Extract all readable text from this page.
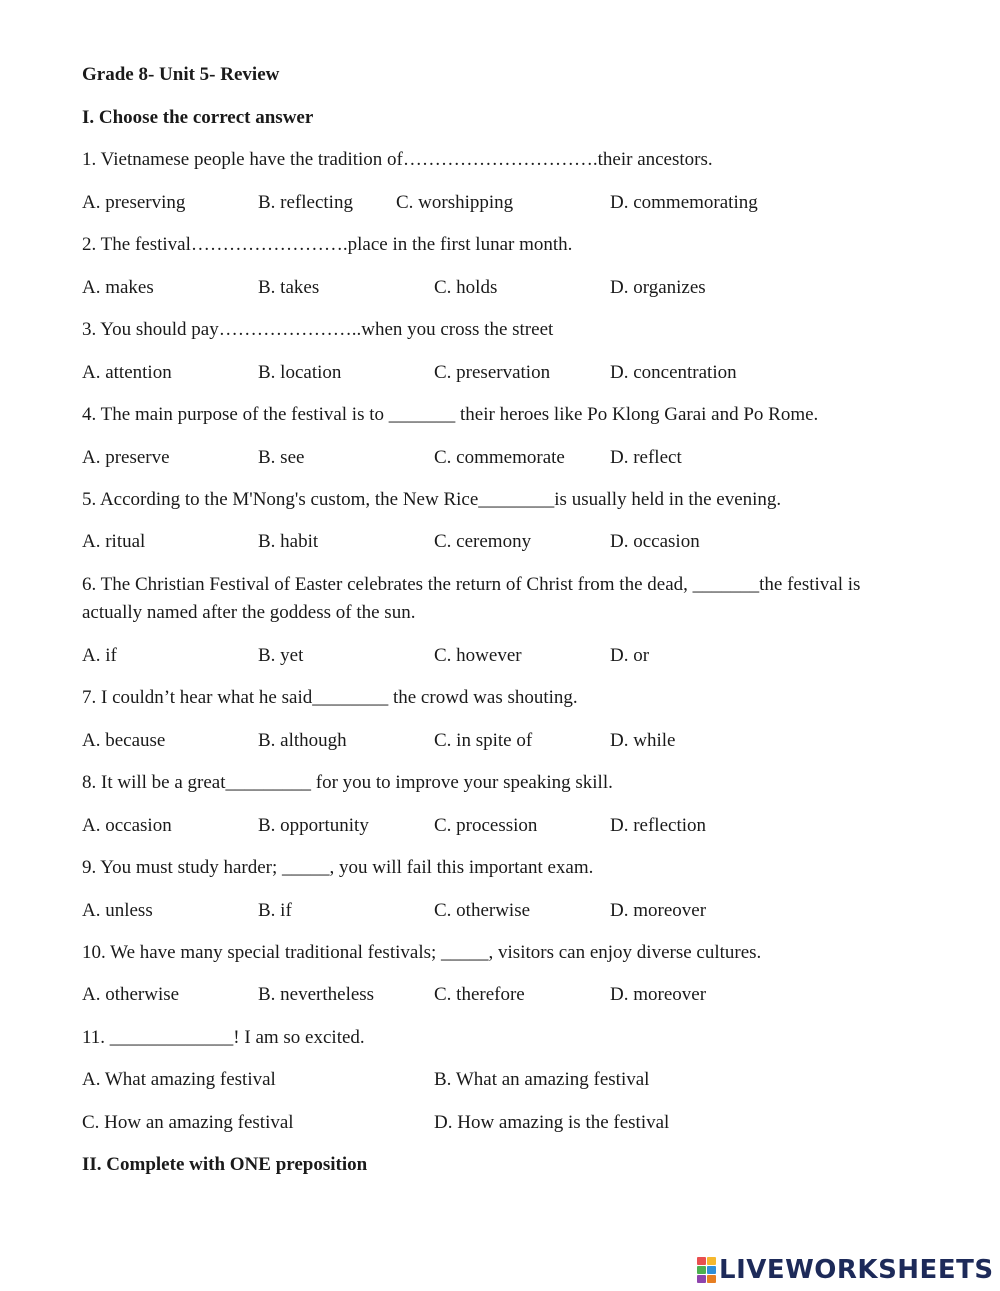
Grade 8- Unit 5- Review
I. Choose the correct answer
1. Vietnamese people have the tradition of………………………….their ancestors.
A. preserving	B. reflecting C. worshipping	D. commemorating
2. The festival…………………….place in the first lunar month.
A. makes	B. takes	C. holds	D. organizes
3. You should pay…………………..when you cross the street
A. attention	B. location	C. preservation	D. concentration
4. The main purpose of the festival is to _______ their heroes like Po Klong Garai and Po Rome.
A. preserve	B. see	C. commemorate D. reflect
5. According to the M'Nong's custom, the New Rice________is usually held in the evening.
A. ritual	B. habit	C. ceremony	D. occasion
6. The Christian Festival of Easter celebrates the return of Christ from the dead, _______the festival is actually named after the goddess of the sun.
A. if	B. yet	C. however	D. or
7. I couldn’t hear what he said________ the crowd was shouting.
A. because	B. although	C. in spite of	D. while
8. It will be a great_________ for you to improve your speaking skill.
A. occasion	B. opportunity	C. procession	D. reflection
9. You must study harder; _____, you will fail this important exam.
A. unless	B. if	C. otherwise	D. moreover
10. We have many special traditional festivals; _____, visitors can enjoy diverse cultures.
A. otherwise	B. nevertheless	C. therefore	D. moreover
11. _____________! I am so excited.
A. What amazing festival	B. What an amazing festival
C. How an amazing festival	D. How amazing is the festival
II. Complete with ONE preposition
LIVEWORKSHEETS
